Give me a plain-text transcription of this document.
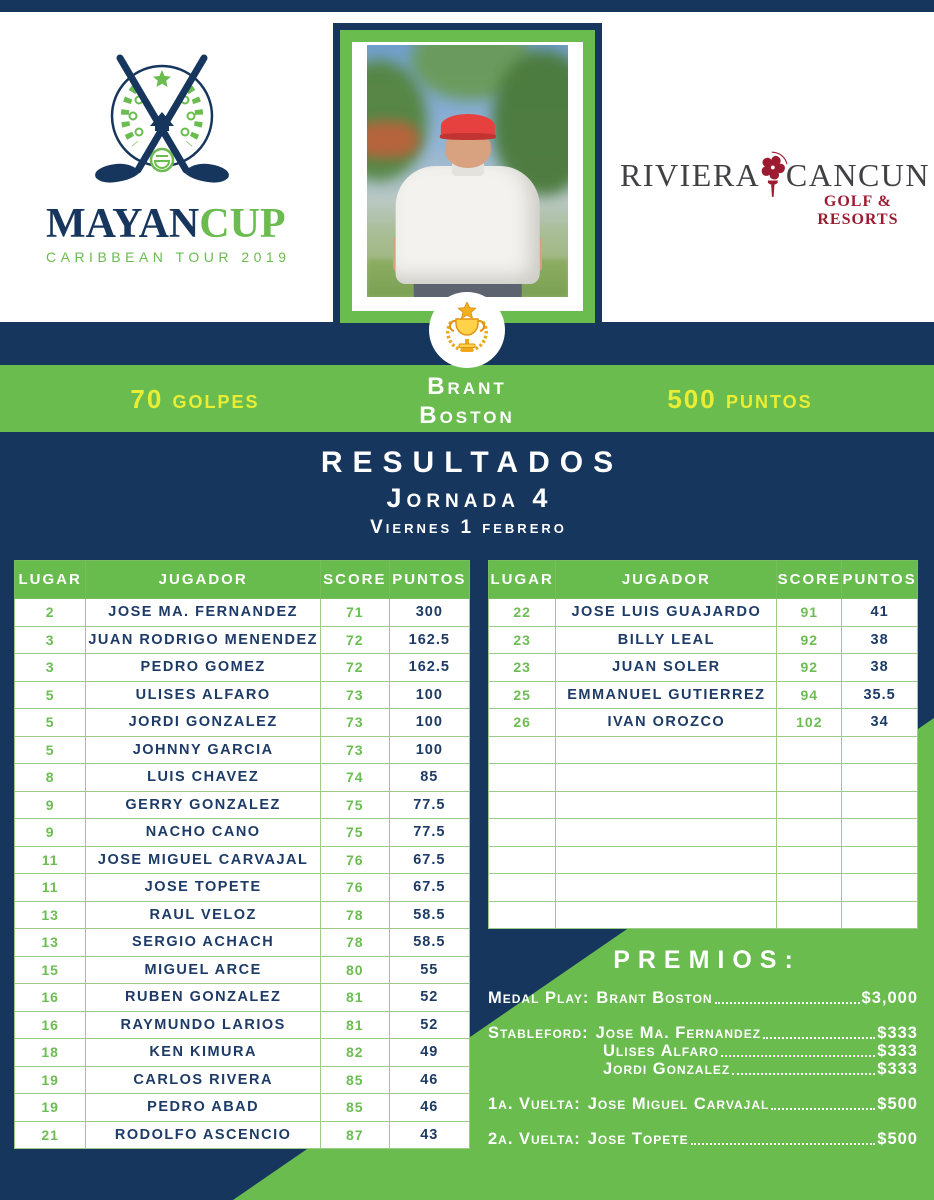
MAYANCUP
CARIBBEAN TOUR 2019
RIVIERA CANCUN
GOLF & RESORTS
70 golpes	Brant
Boston
500 puntos
RESULTADOS
Jornada 4
Viernes 1 febrero
LUGAR	JUGADOR	SCORE	PUNTOS
2	JOSE MA. FERNANDEZ	71	300
3	JUAN RODRIGO MENENDEZ	72	162.5
3	PEDRO GOMEZ	72	162.5
5	ULISES ALFARO	73	100
5	JORDI GONZALEZ	73	100
5	JOHNNY GARCIA	73	100
8	LUIS CHAVEZ	74	85
9	GERRY GONZALEZ	75	77.5
9	NACHO CANO	75	77.5
11	JOSE MIGUEL CARVAJAL	76	67.5
11	JOSE TOPETE	76	67.5
13	RAUL VELOZ	78	58.5
13	SERGIO ACHACH	78	58.5
15	MIGUEL ARCE	80	55
16	RUBEN GONZALEZ	81	52
16	RAYMUNDO LARIOS	81	52
18	KEN KIMURA	82	49
19	CARLOS RIVERA	85	46
19	PEDRO ABAD	85	46
21	RODOLFO ASCENCIO	87	43
LUGAR	JUGADOR	SCORE	PUNTOS
22	JOSE LUIS GUAJARDO	91	41
23	BILLY LEAL	92	38
23	JUAN SOLER	92	38
25	EMMANUEL GUTIERREZ	94	35.5
26	IVAN OROZCO	102	34

PREMIOS:
Medal Play: Brant Boston	$3,000
Stableford: Jose Ma. Fernandez	$333
Ulises Alfaro	$333
Jordi Gonzalez	$333
1a. Vuelta: Jose Miguel Carvajal	$500
2a. Vuelta: Jose Topete	$500
